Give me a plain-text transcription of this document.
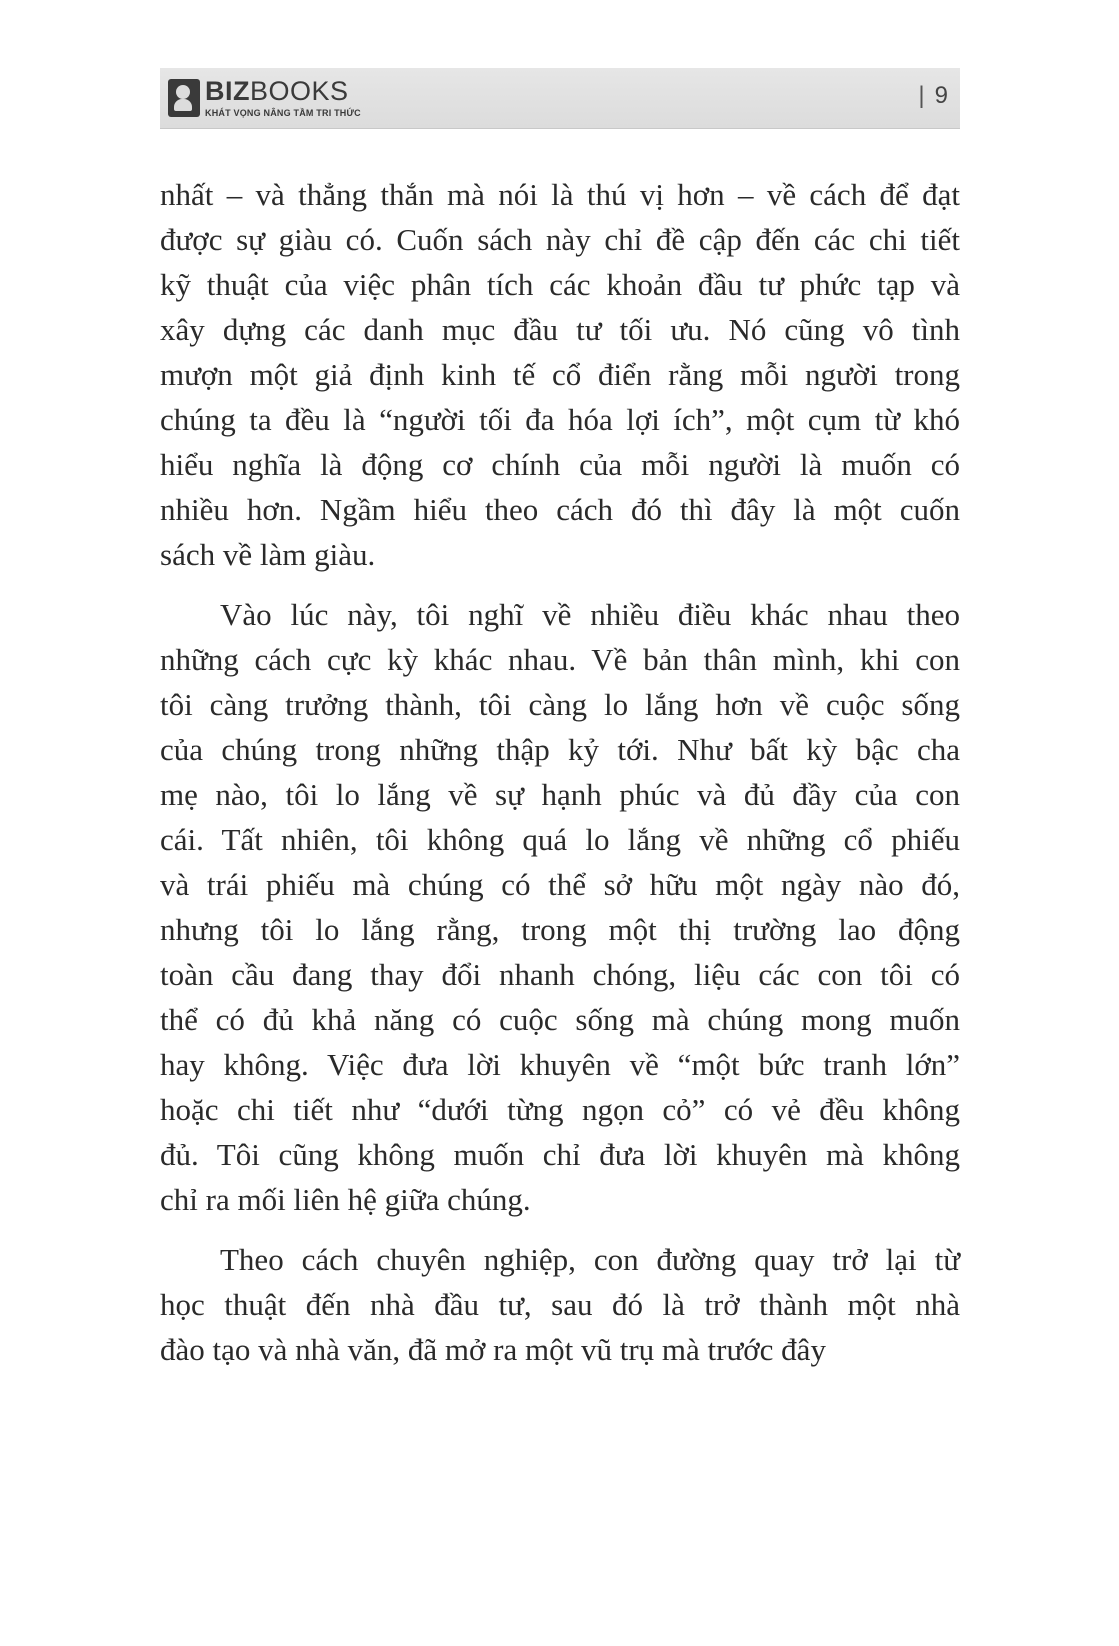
BIZBOOKS
KHÁT VỌNG NÂNG TẦM TRI THỨC
| 9
nhất – và thẳng thắn mà nói là thú vị hơn – về cách để đạt
được sự giàu có. Cuốn sách này chỉ đề cập đến các chi tiết
kỹ thuật của việc phân tích các khoản đầu tư phức tạp và
xây dựng các danh mục đầu tư tối ưu. Nó cũng vô tình
mượn một giả định kinh tế cổ điển rằng mỗi người trong
chúng ta đều là “người tối đa hóa lợi ích”, một cụm từ khó
hiểu nghĩa là động cơ chính của mỗi người là muốn có
nhiều hơn. Ngầm hiểu theo cách đó thì đây là một cuốn
sách về làm giàu.
Vào lúc này, tôi nghĩ về nhiều điều khác nhau theo
những cách cực kỳ khác nhau. Về bản thân mình, khi con
tôi càng trưởng thành, tôi càng lo lắng hơn về cuộc sống
của chúng trong những thập kỷ tới. Như bất kỳ bậc cha
mẹ nào, tôi lo lắng về sự hạnh phúc và đủ đầy của con
cái. Tất nhiên, tôi không quá lo lắng về những cổ phiếu
và trái phiếu mà chúng có thể sở hữu một ngày nào đó,
nhưng tôi lo lắng rằng, trong một thị trường lao động
toàn cầu đang thay đổi nhanh chóng, liệu các con tôi có
thể có đủ khả năng có cuộc sống mà chúng mong muốn
hay không. Việc đưa lời khuyên về “một bức tranh lớn”
hoặc chi tiết như “dưới từng ngọn cỏ” có vẻ đều không
đủ. Tôi cũng không muốn chỉ đưa lời khuyên mà không
chỉ ra mối liên hệ giữa chúng.
Theo cách chuyên nghiệp, con đường quay trở lại từ
học thuật đến nhà đầu tư, sau đó là trở thành một nhà
đào tạo và nhà văn, đã mở ra một vũ trụ mà trước đây
